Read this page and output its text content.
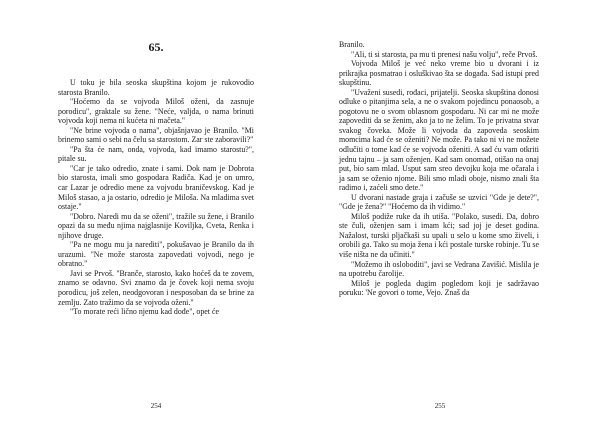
65.

U toku je bila seoska skupština kojom je rukovodio starosta Branilo.

"Hoćemo da se vojvoda Miloš oženi, da zasnuje porodicu", graktale su žene. "Neće, valjda, o nama brinuti vojvoda koji nema ni kućeta ni mačeta."

"Ne brine vojvoda o nama", objašnjavao je Branilo. "Mi brinemo sami o sebi na čelu sa starostom. Zar ste zaboravili?"

"Pa šta će nam, onda, vojvoda, kad imamo starostu?", pitale su.

"Car je tako odredio, znate i sami. Dok nam je Dobrota bio starosta, imali smo gospodara Radiča. Kad je on umro, car Lazar je odredio mene za vojvodu braničevskog. Kad je Miloš stasao, a ja ostario, odredio je Miloša. Na mladima svet ostaje."

"Dobro. Naredi mu da se oženi", tražile su žene, i Branilo opazi da su među njima najglasnije Koviljka, Cveta, Renka i njihove druge.

"Pa ne mogu mu ja narediti", pokušavao je Branilo da ih urazumi. "Ne može starosta zapovedati vojvodi, nego je obratno."

Javi se Prvoš. "Branče, starosto, kako hoćeš da te zovem, znamo se odavno. Svi znamo da je čovek koji nema svoju porodicu, još zelen, neodgovoran i nesposoban da se brine za zemlju. Zato tražimo da se vojvoda oženi."

"To morate reći lično njemu kad dođe", opet će

254

Branilo.

"Ali, ti si starosta, pa mu ti prenesi našu volju", reče Prvoš.

Vojvoda Miloš je već neko vreme bio u dvorani i iz prikrajka posmatrao i osluškivao šta se događa. Sad istupi pred skupštinu.

"Uvaženi susedi, rođaci, prijatelji. Seoska skupština donosi odluke o pitanjima sela, a ne o svakom pojedincu ponaosob, a pogotovu ne o svom oblasnom gospodaru. Ni car mi ne može zapovediti da se ženim, ako ja to ne želim. To je privatna stvar svakog čoveka. Može li vojvoda da zapoveda seoskim momcima kad će se oženiti? Ne može. Pa tako ni vi ne možete odlučiti o tome kad će se vojvoda oženiti. A sad ću vam otkriti jednu tajnu – ja sam oženjen. Kad sam onomad, otišao na onaj put, bio sam mlad. Usput sam sreo devojku koja me očarala i ja sam se oženio njome. Bili smo mladi oboje, nismo znali šta radimo i, zaćeli smo dete."

U dvorani nastade graja i začuše se uzvici "Gde je dete?", "Gde je žena?" "Hoćemo da ih vidimo."

Miloš podiže ruke da ih utiša. "Polako, susedi. Da, dobro ste čuli, oženjen sam i imam kći; sad joj je deset godina. Nažalost, turski pljačkaši su upali u selo u kome smo živeli, i orobili ga. Tako su moja žena i kći postale turske robinje. Tu se više ništa ne da učiniti."

"Možemo ih osloboditi", javi se Vedrana Zavišić. Mislila je na upotrebu čarolije.

Miloš je pogleda dugim pogledom koji je sadržavao poruku: 'Ne govori o tome, Vejo. Znaš da

255
